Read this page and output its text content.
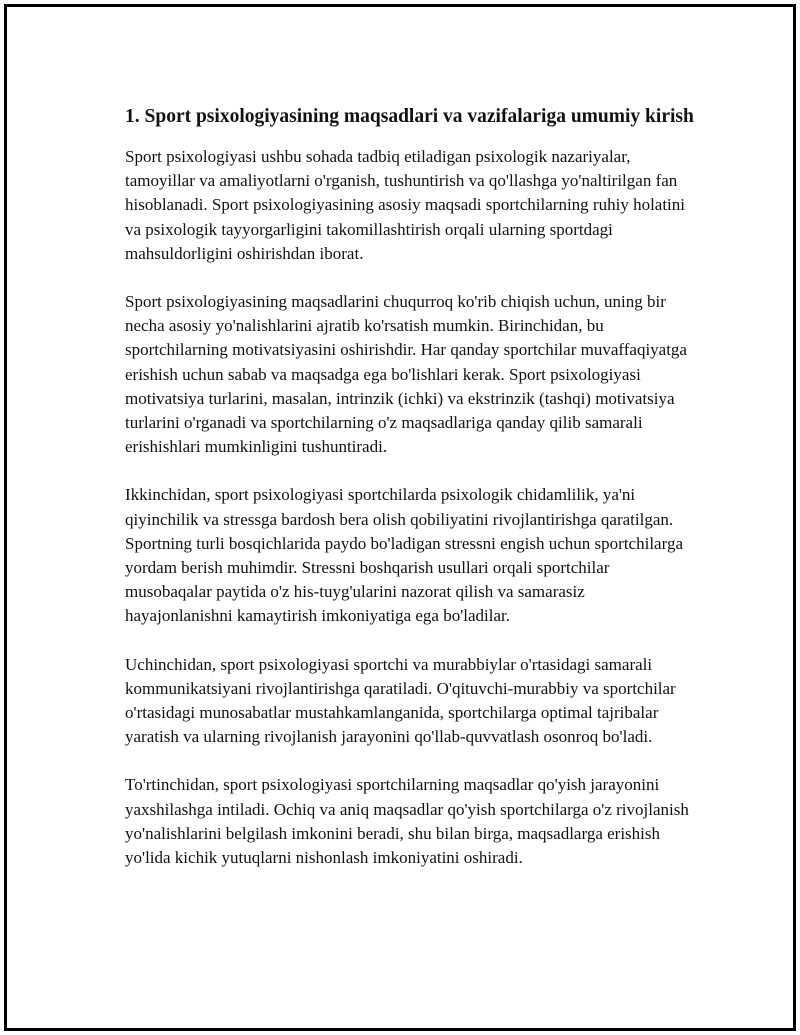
1. Sport psixologiyasining maqsadlari va vazifalariga umumiy kirish

Sport psixologiyasi ushbu sohada tadbiq etiladigan psixologik nazariyalar, tamoyillar va amaliyotlarni o'rganish, tushuntirish va qo'llashga yo'naltirilgan fan hisoblanadi. Sport psixologiyasining asosiy maqsadi sportchilarning ruhiy holatini va psixologik tayyorgarligini takomillashtirish orqali ularning sportdagi mahsuldorligini oshirishdan iborat.

Sport psixologiyasining maqsadlarini chuqurroq ko'rib chiqish uchun, uning bir necha asosiy yo'nalishlarini ajratib ko'rsatish mumkin. Birinchidan, bu sportchilarning motivatsiyasini oshirishdir. Har qanday sportchilar muvaffaqiyatga erishish uchun sabab va maqsadga ega bo'lishlari kerak. Sport psixologiyasi motivatsiya turlarini, masalan, intrinzik (ichki) va ekstrinzik (tashqi) motivatsiya turlarini o'rganadi va sportchilarning o'z maqsadlariga qanday qilib samarali erishishlari mumkinligini tushuntiradi.

Ikkinchidan, sport psixologiyasi sportchilarda psixologik chidamlilik, ya'ni qiyinchilik va stressga bardosh bera olish qobiliyatini rivojlantirishga qaratilgan. Sportning turli bosqichlarida paydo bo'ladigan stressni engish uchun sportchilarga yordam berish muhimdir. Stressni boshqarish usullari orqali sportchilar musobaqalar paytida o'z his-tuyg'ularini nazorat qilish va samarasiz hayajonlanishni kamaytirish imkoniyatiga ega bo'ladilar.

Uchinchidan, sport psixologiyasi sportchi va murabbiylar o'rtasidagi samarali kommunikatsiyani rivojlantirishga qaratiladi. O'qituvchi-murabbiy va sportchilar o'rtasidagi munosabatlar mustahkamlanganida, sportchilarga optimal tajribalar yaratish va ularning rivojlanish jarayonini qo'llab-quvvatlash osonroq bo'ladi.

To'rtinchidan, sport psixologiyasi sportchilarning maqsadlar qo'yish jarayonini yaxshilashga intiladi. Ochiq va aniq maqsadlar qo'yish sportchilarga o'z rivojlanish yo'nalishlarini belgilash imkonini beradi, shu bilan birga, maqsadlarga erishish yo'lida kichik yutuqlarni nishonlash imkoniyatini oshiradi.
